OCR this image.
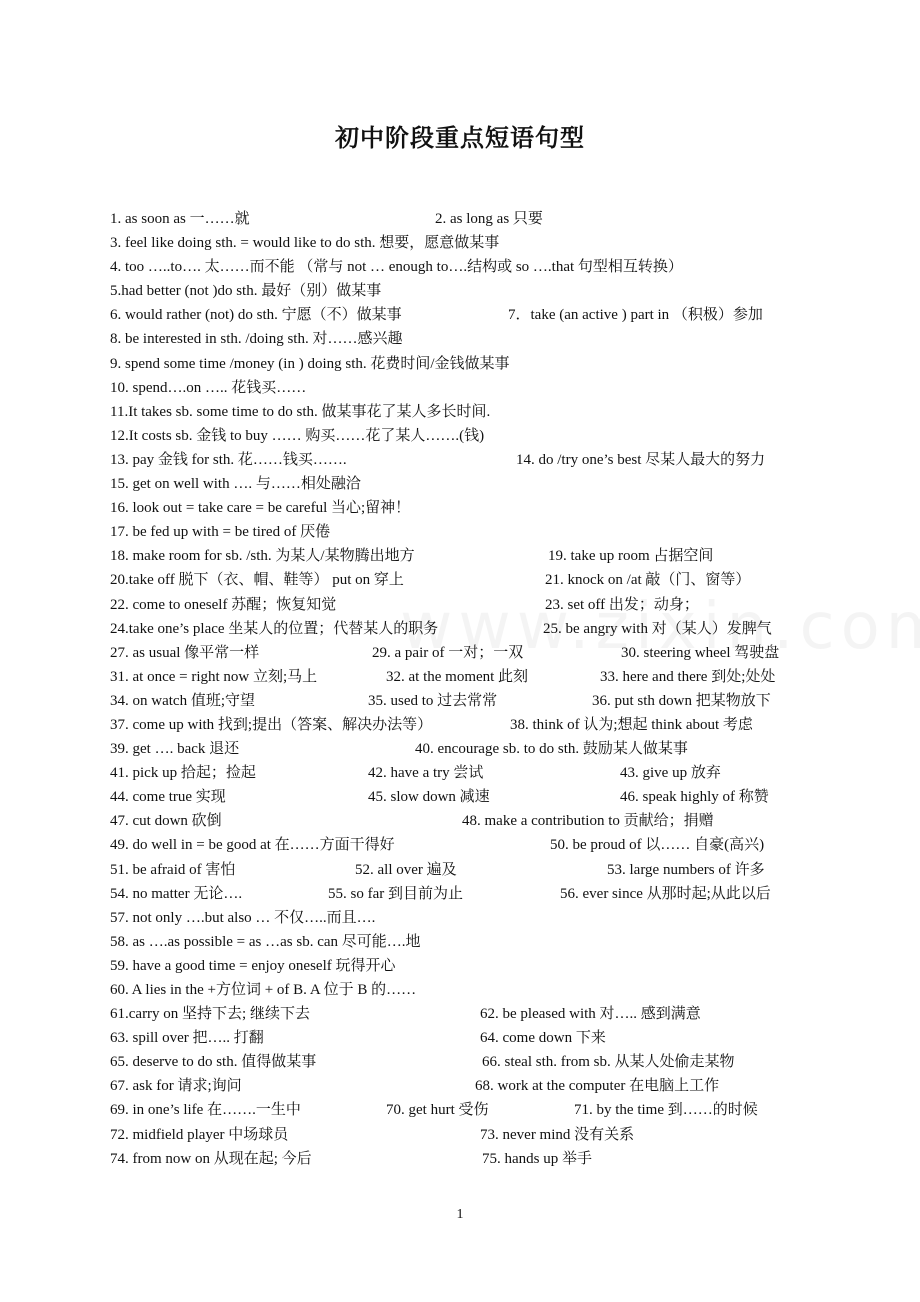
初中阶段重点短语句型
1. as soon as 一……就	2. as long as 只要
3. feel like doing sth. = would like to do sth. 想要，愿意做某事
4. too …..to…. 太……而不能 （常与 not … enough to….结构或 so ….that 句型相互转换）
5.had better (not )do sth. 最好（别）做某事
6. would rather (not) do sth. 宁愿（不）做某事	7．take (an active ) part in （积极）参加
8. be interested in sth. /doing sth. 对……感兴趣
9. spend some time /money (in ) doing sth. 花费时间/金钱做某事
10. spend….on ….. 花钱买……
11.It takes sb. some time to do sth. 做某事花了某人多长时间.
12.It costs sb. 金钱 to buy …… 购买……花了某人…….(钱)
13. pay 金钱 for sth. 花……钱买…….	14. do /try one’s best 尽某人最大的努力
15. get on well with …. 与……相处融洽
16. look out = take care = be careful 当心;留神！
17. be fed up with = be tired of 厌倦
18. make room for sb. /sth. 为某人/某物腾出地方	19. take up room 占据空间
20.take off 脱下（衣、帽、鞋等） put on 穿上	21. knock on /at 敲（门、窗等）
22. come to oneself 苏醒；恢复知觉	23. set off 出发；动身；
24.take one’s place 坐某人的位置；代替某人的职务	25. be angry with 对（某人）发脾气
27. as usual 像平常一样	29. a pair of 一对；一双	30. steering wheel 驾驶盘
31. at once = right now 立刻;马上	32. at the moment 此刻	33. here and there 到处;处处
34. on watch 值班;守望	35. used to 过去常常	36. put sth down 把某物放下
37. come up with 找到;提出（答案、解决办法等）	38. think of 认为;想起 think about 考虑
39. get …. back 退还	40. encourage sb. to do sth. 鼓励某人做某事
41. pick up 拾起；捡起	42. have a try 尝试	43. give up 放弃
44. come true 实现	45. slow down 减速	46. speak highly of 称赞
47. cut down 砍倒	48. make a contribution to 贡献给；捐赠
49. do well in = be good at 在……方面干得好	50. be proud of 以…… 自豪(高兴)
51. be afraid of 害怕	52. all over 遍及	53. large numbers of 许多
54. no matter 无论….	55. so far 到目前为止	56. ever since 从那时起;从此以后
57. not only ….but also … 不仅…..而且….
58. as ….as possible = as …as sb. can 尽可能….地
59. have a good time = enjoy oneself 玩得开心
60. A lies in the +方位词 + of B. A 位于 B 的……
61.carry on 坚持下去; 继续下去	62. be pleased with 对….. 感到满意
63. spill over 把….. 打翻	64. come down 下来
65. deserve to do sth. 值得做某事	66. steal sth. from sb. 从某人处偷走某物
67. ask for 请求;询问	68. work at the computer 在电脑上工作
69. in one’s life 在…….一生中	70. get hurt 受伤	71. by the time 到……的时候
72. midfield player 中场球员	73. never mind 没有关系
74. from now on 从现在起; 今后	75. hands up 举手
1
